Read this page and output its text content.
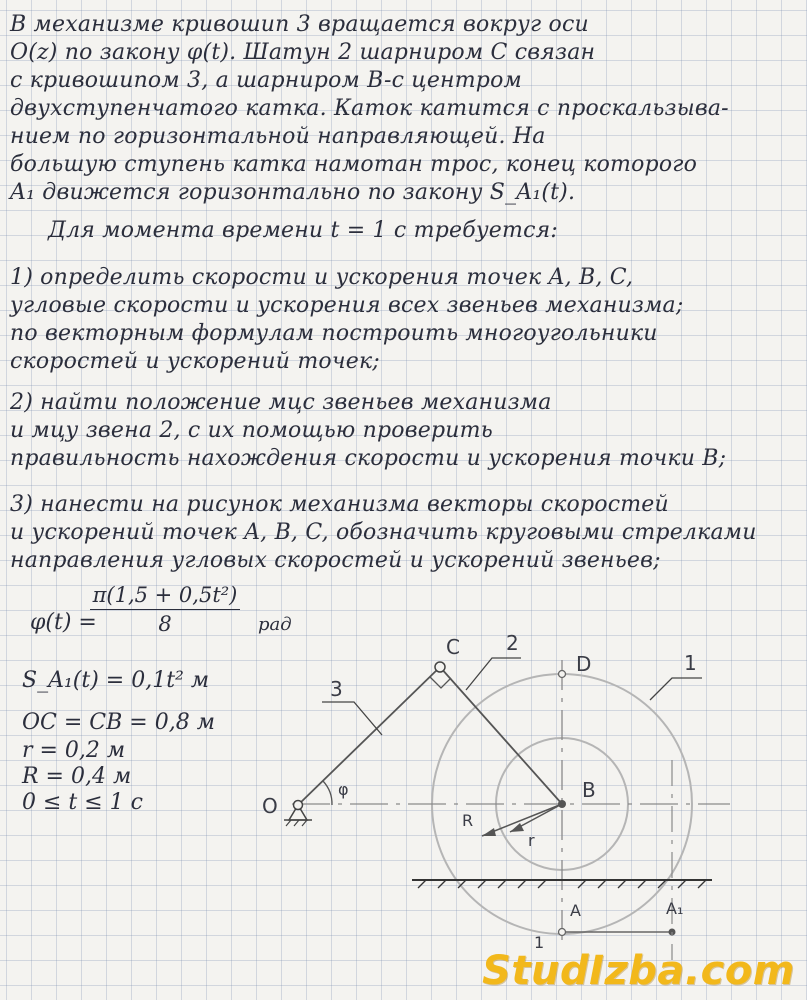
В механизме кривошип 3 вращается вокруг оси
O(z) по закону φ(t). Шатун 2 шарниром C связан
с кривошипом 3, а шарниром B-с центром
двухступенчатого катка. Каток катится с проскальзыва-
нием по горизонтальной направляющей. На
большую ступень катка намотан трос, конец которого
A₁ движется горизонтально по закону S_A₁(t).
Для момента времени t = 1 c требуется:
1) определить скорости и ускорения точек A, B, C,
угловые скорости и ускорения всех звеньев механизма;
по векторным формулам построить многоугольники
скоростей и ускорений точек;
2) найти положение мцс звеньев механизма
и мцу звена 2, с их помощью проверить
правильность нахождения скорости и ускорения точки B;
3) нанести на рисунок механизма векторы скоростей
и ускорений точек A, B, C, обозначить круговыми стрелками
направления угловых скоростей и ускорений звеньев;
φ(t) =
$\frac{\text{π(1,5 + 0,5t²)}}{8}$ рад
S_A₁(t) = 0,1t² м
OC = CB = 0,8 м
r = 0,2 м
R = 0,4 м
0 ≤ t ≤ 1 c
C
O
B
D
A	A₁
R
r
φ
3
2
1
1
StudIzba.com
